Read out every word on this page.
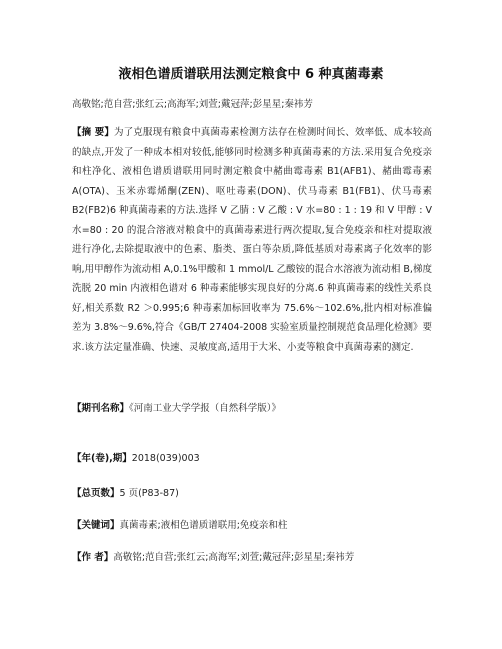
液相色谱质谱联用法测定粮食中 6 种真菌毒素
高敬铭;范自营;张红云;高海军;刘萱;戴冠萍;彭星星;秦祎芳
【摘 要】为了克服现有粮食中真菌毒素检测方法存在检测时间长、效率低、成本较高的缺点,开发了一种成本相对较低,能够同时检测多种真菌毒素的方法.采用复合免疫亲和柱净化、液相色谱质谱联用同时测定粮食中赭曲霉毒素 B1(AFB1)、赭曲霉毒素 A(OTA)、玉米赤霉烯酮(ZEN)、呕吐毒素(DON)、伏马毒素 B1(FB1)、伏马毒素 B2(FB2)6 种真菌毒素的方法.选择 V 乙腈 : V 乙酸 : V 水=80 : 1 : 19 和 V 甲醇 : V 水=80 : 20 的混合溶液对粮食中的真菌毒素进行两次提取,复合免疫亲和柱对提取液进行净化,去除提取液中的色素、脂类、蛋白等杂质,降低基质对毒素离子化效率的影响,用甲醇作为流动相 A,0.1%甲酸和 1 mmol/L 乙酸铵的混合水溶液为流动相 B,梯度洗脱 20 min 内液相色谱对 6 种毒素能够实现良好的分离.6 种真菌毒素的线性关系良好,相关系数 R2 ＞0.995;6 种毒素加标回收率为 75.6%～102.6%,批内相对标准偏差为 3.8%～9.6%,符合《GB/T 27404-2008 实验室质量控制规范食品理化检测》要求.该方法定量准确、快速、灵敏度高,适用于大米、小麦等粮食中真菌毒素的测定.
【期刊名称】《河南工业大学学报（自然科学版）》
【年(卷),期】2018(039)003
【总页数】5 页(P83-87)
【关键词】真菌毒素;液相色谱质谱联用;免疫亲和柱
【作 者】高敬铭;范自营;张红云;高海军;刘萱;戴冠萍;彭星星;秦祎芳
